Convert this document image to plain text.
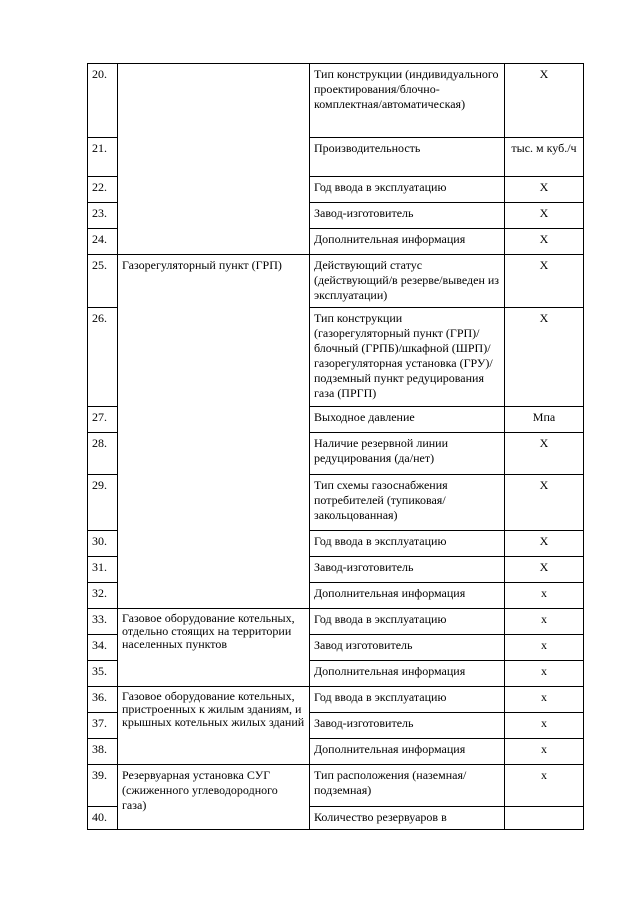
20.		Тип конструкции (индивидуального проектирования/блочно-комплектная/автоматическая)	Х
21.		Производительность	тыс. м куб./ч
22.		Год ввода в эксплуатацию	Х
23.		Завод-изготовитель	Х
24.		Дополнительная информация	Х
25.	Газорегуляторный пункт (ГРП)	Действующий статус (действующий/в резерве/выведен из эксплуатации)	Х
26.		Тип конструкции (газорегуляторный пункт (ГРП)/блочный (ГРПБ)/шкафной (ШРП)/газорегуляторная установка (ГРУ)/подземный пункт редуцирования газа (ПРГП)	Х
27.		Выходное давление	Мпа
28.		Наличие резервной линии редуцирования (да/нет)	Х
29.		Тип схемы газоснабжения потребителей (тупиковая/закольцованная)	Х
30.		Год ввода в эксплуатацию	Х
31.		Завод-изготовитель	Х
32.		Дополнительная информация	х
33.	Газовое оборудование котельных, отдельно стоящих на территории населенных пунктов	Год ввода в эксплуатацию	х
34.		Завод изготовитель	х
35.		Дополнительная информация	х
36.	Газовое оборудование котельных, пристроенных к жилым зданиям, и крышных котельных жилых зданий	Год ввода в эксплуатацию	х
37.		Завод-изготовитель	х
38.		Дополнительная информация	х
39.	Резервуарная установка СУГ (сжиженного углеводородного газа)	Тип расположения (наземная/подземная)	х
40.		Количество резервуаров в	
